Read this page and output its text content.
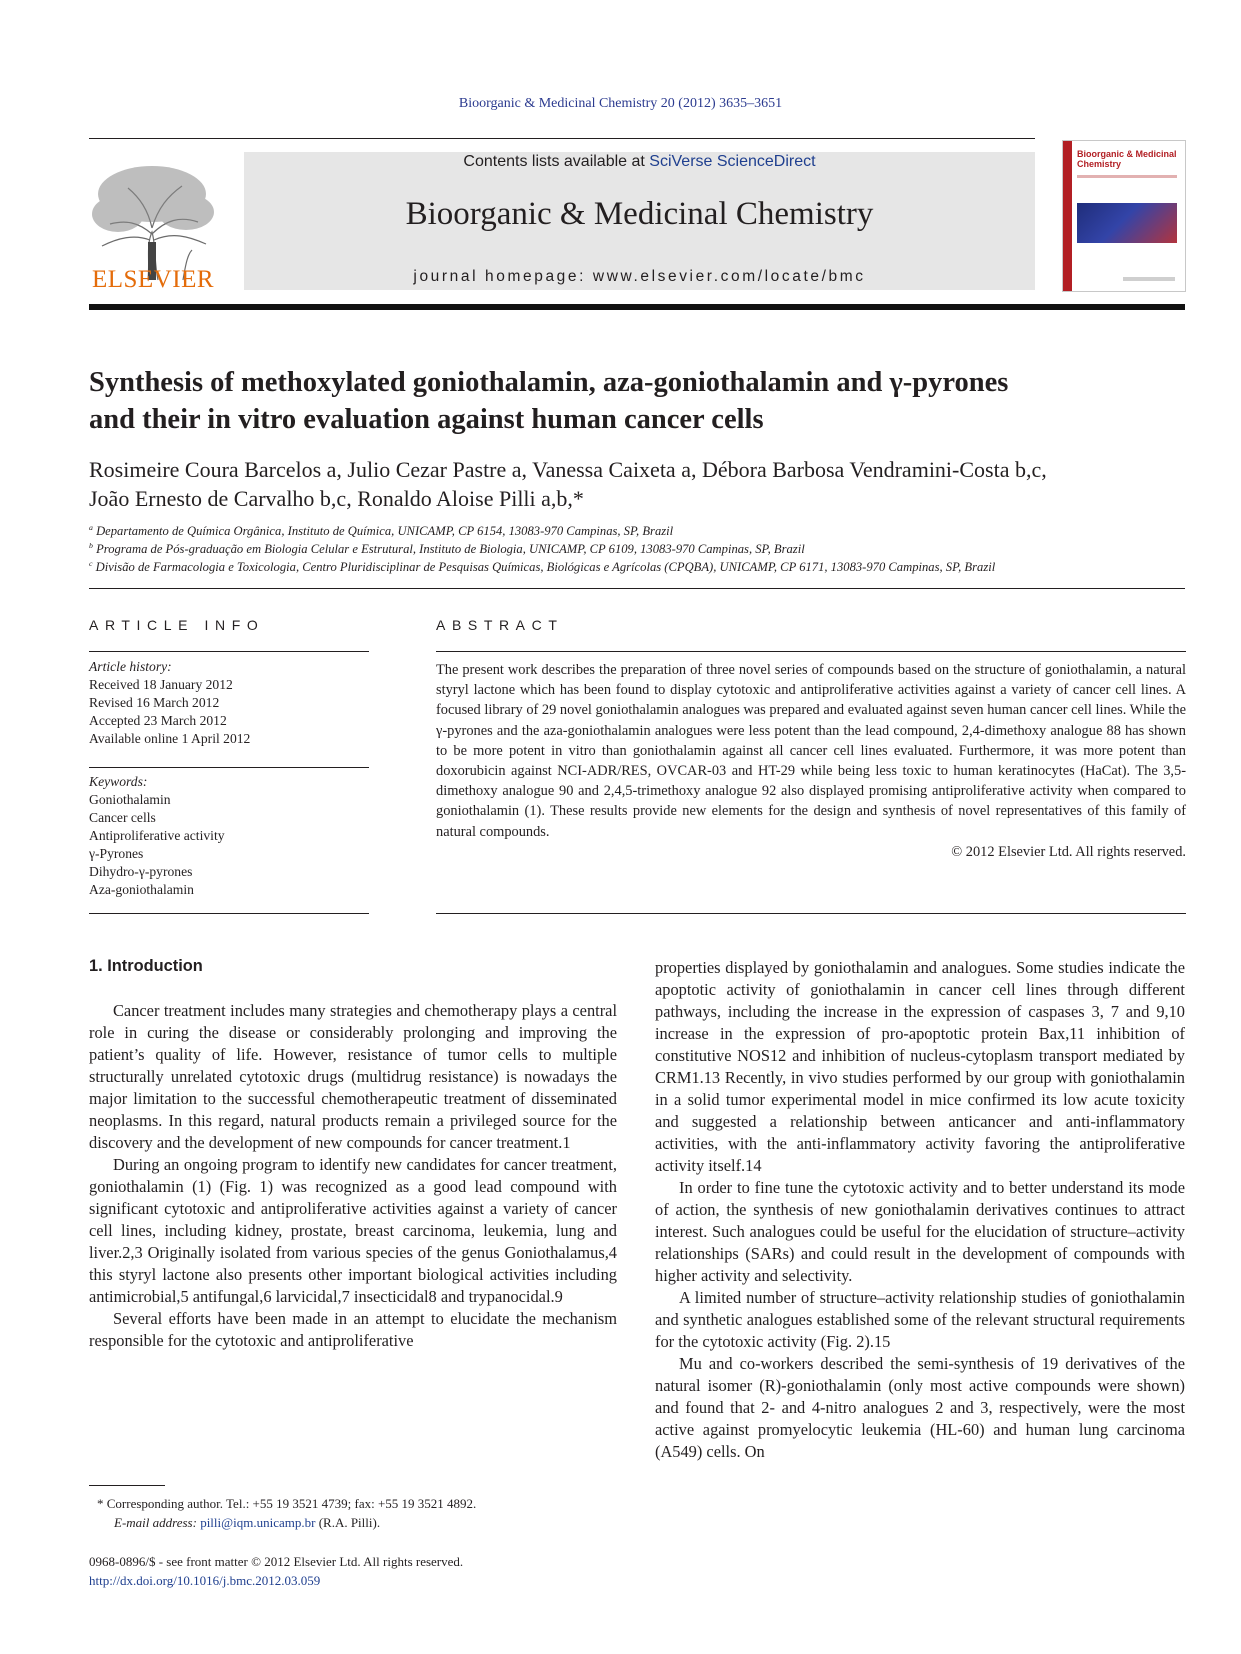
Bioorganic & Medicinal Chemistry 20 (2012) 3635–3651
ELSEVIER
Contents lists available at SciVerse ScienceDirect
Bioorganic & Medicinal Chemistry
journal homepage: www.elsevier.com/locate/bmc
Bioorganic & Medicinal Chemistry
Synthesis of methoxylated goniothalamin, aza-goniothalamin and γ-pyrones
and their in vitro evaluation against human cancer cells
Rosimeire Coura Barcelos a, Julio Cezar Pastre a, Vanessa Caixeta a, Débora Barbosa Vendramini-Costa b,c,
João Ernesto de Carvalho b,c, Ronaldo Aloise Pilli a,b,*
$^a$ Departamento de Química Orgânica, Instituto de Química, UNICAMP, CP 6154, 13083-970 Campinas, SP, Brazil
$^b$ Programa de Pós-graduação em Biologia Celular e Estrutural, Instituto de Biologia, UNICAMP, CP 6109, 13083-970 Campinas, SP, Brazil
$^c$ Divisão de Farmacologia e Toxicologia, Centro Pluridisciplinar de Pesquisas Químicas, Biológicas e Agrícolas (CPQBA), UNICAMP, CP 6171, 13083-970 Campinas, SP, Brazil
ARTICLE INFO
Article history:
Received 18 January 2012
Revised 16 March 2012
Accepted 23 March 2012
Available online 1 April 2012
Keywords:
Goniothalamin
Cancer cells
Antiproliferative activity
γ-Pyrones
Dihydro-γ-pyrones
Aza-goniothalamin
ABSTRACT
The present work describes the preparation of three novel series of compounds based on the structure of goniothalamin, a natural styryl lactone which has been found to display cytotoxic and antiproliferative activities against a variety of cancer cell lines. A focused library of 29 novel goniothalamin analogues was prepared and evaluated against seven human cancer cell lines. While the γ-pyrones and the aza-goniothalamin analogues were less potent than the lead compound, 2,4-dimethoxy analogue 88 has shown to be more potent in vitro than goniothalamin against all cancer cell lines evaluated. Furthermore, it was more potent than doxorubicin against NCI-ADR/RES, OVCAR-03 and HT-29 while being less toxic to human keratinocytes (HaCat). The 3,5-dimethoxy analogue 90 and 2,4,5-trimethoxy analogue 92 also displayed promising antiproliferative activity when compared to goniothalamin (1). These results provide new elements for the design and synthesis of novel representatives of this family of natural compounds.
© 2012 Elsevier Ltd. All rights reserved.
1. Introduction

Cancer treatment includes many strategies and chemotherapy plays a central role in curing the disease or considerably prolonging and improving the patient’s quality of life. However, resistance of tumor cells to multiple structurally unrelated cytotoxic drugs (multidrug resistance) is nowadays the major limitation to the successful chemotherapeutic treatment of disseminated neoplasms. In this regard, natural products remain a privileged source for the discovery and the development of new compounds for cancer treatment.1

During an ongoing program to identify new candidates for cancer treatment, goniothalamin (1) (Fig. 1) was recognized as a good lead compound with significant cytotoxic and antiproliferative activities against a variety of cancer cell lines, including kidney, prostate, breast carcinoma, leukemia, lung and liver.2,3 Originally isolated from various species of the genus Goniothalamus,4 this styryl lactone also presents other important biological activities including antimicrobial,5 antifungal,6 larvicidal,7 insecticidal8 and trypanocidal.9

Several efforts have been made in an attempt to elucidate the mechanism responsible for the cytotoxic and antiproliferative

properties displayed by goniothalamin and analogues. Some studies indicate the apoptotic activity of goniothalamin in cancer cell lines through different pathways, including the increase in the expression of caspases 3, 7 and 9,10 increase in the expression of pro-apoptotic protein Bax,11 inhibition of constitutive NOS12 and inhibition of nucleus-cytoplasm transport mediated by CRM1.13 Recently, in vivo studies performed by our group with goniothalamin in a solid tumor experimental model in mice confirmed its low acute toxicity and suggested a relationship between anticancer and anti-inflammatory activities, with the anti-inflammatory activity favoring the antiproliferative activity itself.14

In order to fine tune the cytotoxic activity and to better understand its mode of action, the synthesis of new goniothalamin derivatives continues to attract interest. Such analogues could be useful for the elucidation of structure–activity relationships (SARs) and could result in the development of compounds with higher activity and selectivity.

A limited number of structure–activity relationship studies of goniothalamin and synthetic analogues established some of the relevant structural requirements for the cytotoxic activity (Fig. 2).15

Mu and co-workers described the semi-synthesis of 19 derivatives of the natural isomer (R)-goniothalamin (only most active compounds were shown) and found that 2- and 4-nitro analogues 2 and 3, respectively, were the most active against promyelocytic leukemia (HL-60) and human lung carcinoma (A549) cells. On

* Corresponding author. Tel.: +55 19 3521 4739; fax: +55 19 3521 4892.
E-mail address: pilli@iqm.unicamp.br (R.A. Pilli).
0968-0896/$ - see front matter © 2012 Elsevier Ltd. All rights reserved.
http://dx.doi.org/10.1016/j.bmc.2012.03.059
